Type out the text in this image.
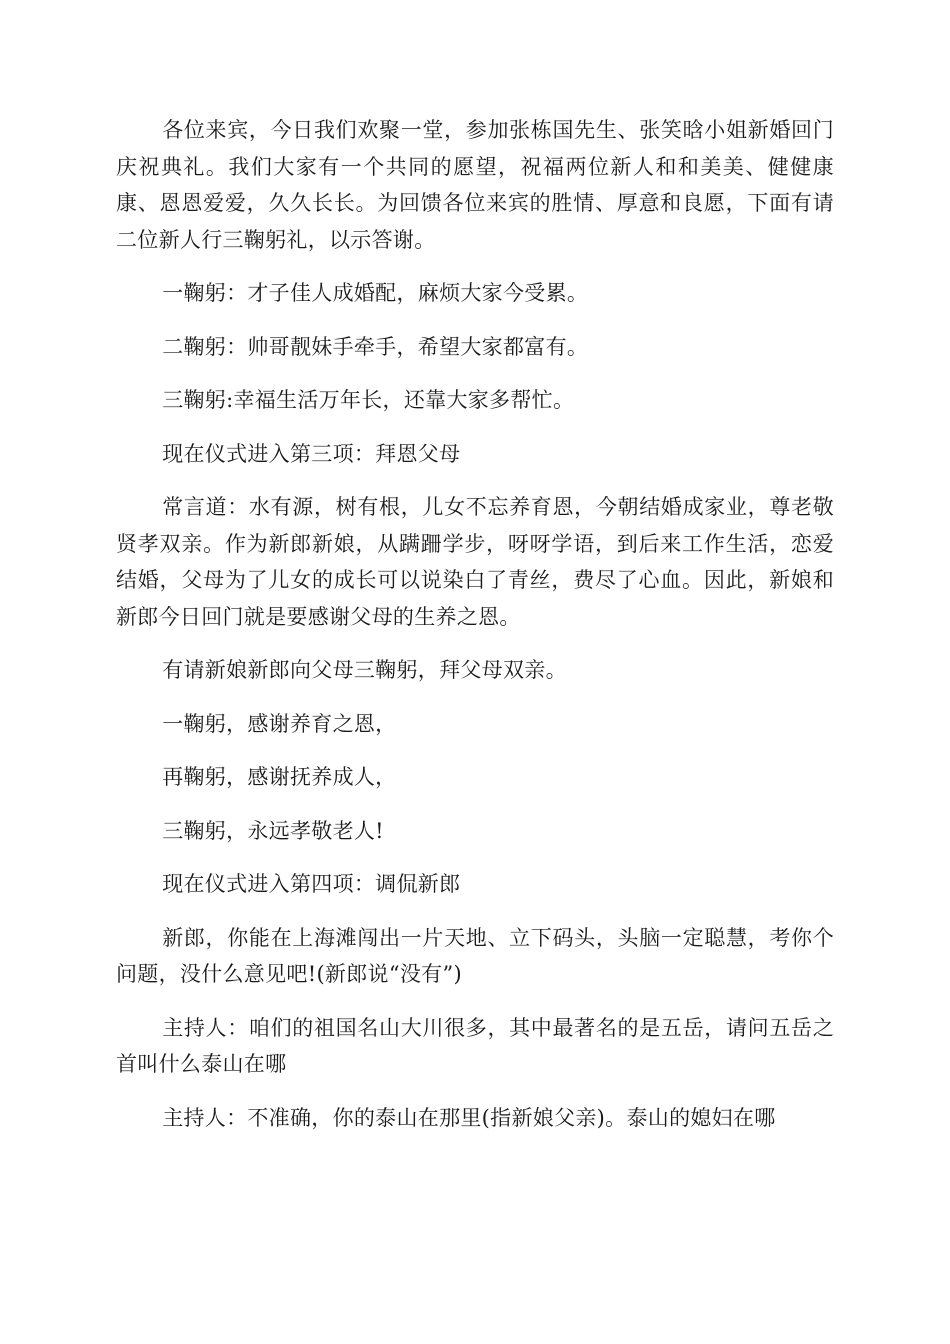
各位来宾，今日我们欢聚一堂，参加张栋国先生、张笑晗小姐新婚回门庆祝典礼。我们大家有一个共同的愿望，祝福两位新人和和美美、健健康康、恩恩爱爱，久久长长。为回馈各位来宾的胜情、厚意和良愿，下面有请二位新人行三鞠躬礼，以示答谢。

一鞠躬：才子佳人成婚配，麻烦大家今受累。

二鞠躬：帅哥靓妹手牵手，希望大家都富有。

三鞠躬:幸福生活万年长，还靠大家多帮忙。

现在仪式进入第三项：拜恩父母

常言道：水有源，树有根，儿女不忘养育恩，今朝结婚成家业，尊老敬贤孝双亲。作为新郎新娘，从蹒跚学步，呀呀学语，到后来工作生活，恋爱结婚，父母为了儿女的成长可以说染白了青丝，费尽了心血。因此，新娘和新郎今日回门就是要感谢父母的生养之恩。

有请新娘新郎向父母三鞠躬，拜父母双亲。

一鞠躬，感谢养育之恩，

再鞠躬，感谢抚养成人，

三鞠躬，永远孝敬老人!

现在仪式进入第四项：调侃新郎

新郎，你能在上海滩闯出一片天地、立下码头，头脑一定聪慧，考你个问题，没什么意见吧!(新郎说“没有”)

主持人：咱们的祖国名山大川很多，其中最著名的是五岳，请问五岳之首叫什么泰山在哪

主持人：不准确，你的泰山在那里(指新娘父亲)。泰山的媳妇在哪
